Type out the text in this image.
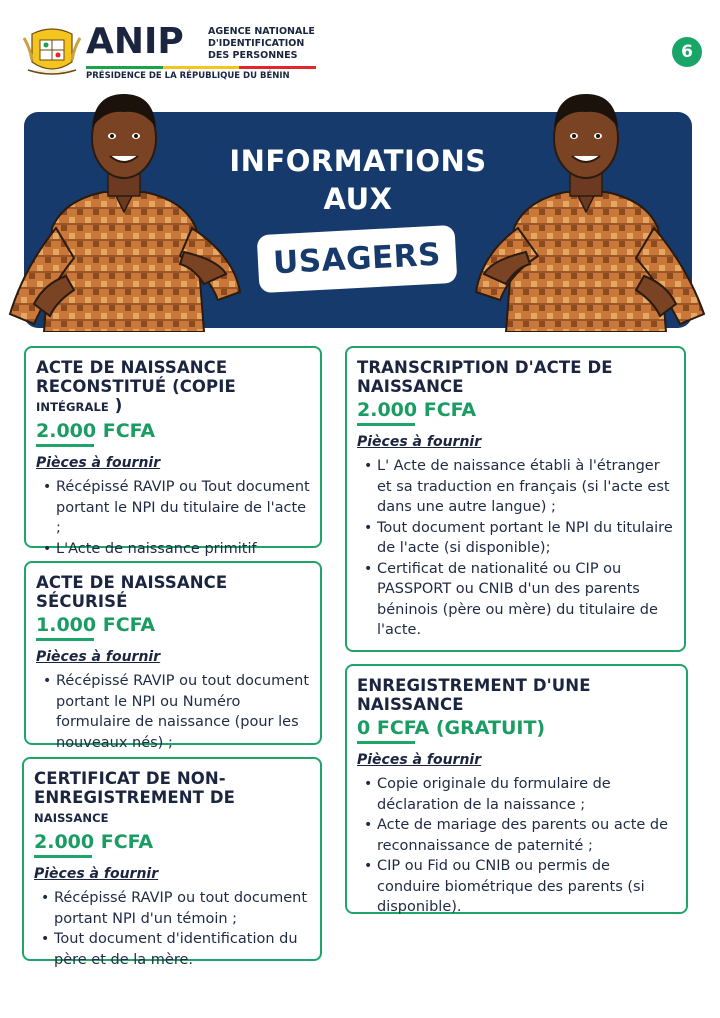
ANIP	AGENCE NATIONALE
D'IDENTIFICATION
DES PERSONNES
PRÉSIDENCE DE LA RÉPUBLIQUE DU BÉNIN
6
INFORMATIONS
AUX
USAGERS
ACTE DE NAISSANCE RECONSTITUÉ (COPIE INTÉGRALE )
2.000 FCFA
Pièces à fournir
• Récépissé RAVIP ou Tout document portant le NPI du titulaire de l'acte ;
• L'Acte de naissance primitif
ACTE DE NAISSANCE SÉCURISÉ
1.000 FCFA
Pièces à fournir
• Récépissé RAVIP ou tout document portant le NPI ou Numéro formulaire de naissance (pour les nouveaux nés) ;
CERTIFICAT DE NON-ENREGISTREMENT DE NAISSANCE
2.000 FCFA
Pièces à fournir
• Récépissé RAVIP ou tout document portant NPI d'un témoin ;
• Tout document d'identification du père et de la mère.
TRANSCRIPTION D'ACTE DE NAISSANCE
2.000 FCFA
Pièces à fournir
• L' Acte de naissance établi à l'étranger et sa traduction en français (si l'acte est dans une autre langue) ;
• Tout document portant le NPI du titulaire de l'acte (si disponible);
• Certificat de nationalité ou CIP ou PASSPORT ou CNIB d'un des parents béninois (père ou mère) du titulaire de l'acte.
ENREGISTREMENT D'UNE NAISSANCE
0 FCFA (GRATUIT)
Pièces à fournir
• Copie originale du formulaire de déclaration de la naissance ;
• Acte de mariage des parents ou acte de reconnaissance de paternité ;
• CIP ou Fid ou CNIB ou permis de conduire biométrique des parents (si disponible).
